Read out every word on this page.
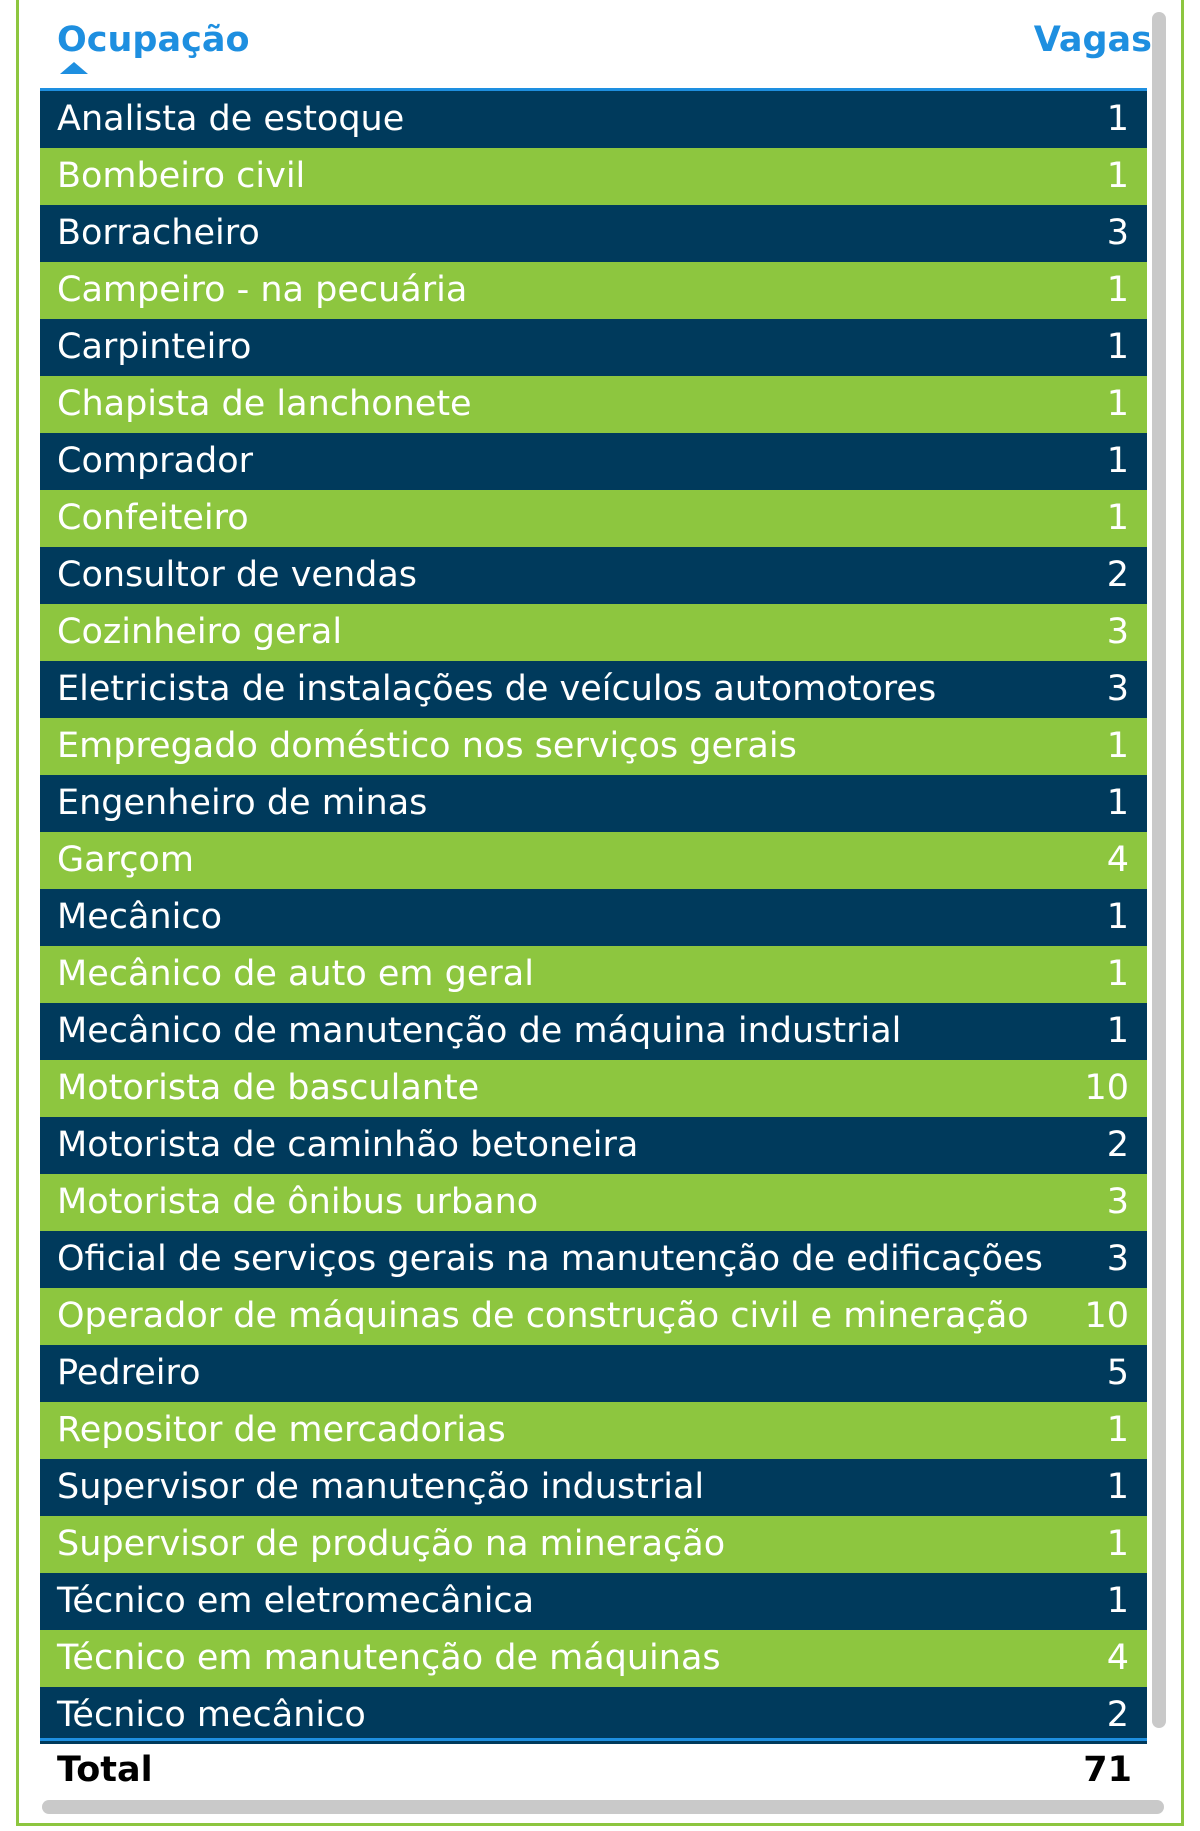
Ocupação	Vagas
Analista de estoque	1
Bombeiro civil	1
Borracheiro	3
Campeiro - na pecuária	1
Carpinteiro	1
Chapista de lanchonete	1
Comprador	1
Confeiteiro	1
Consultor de vendas	2
Cozinheiro geral	3
Eletricista de instalações de veículos automotores	3
Empregado doméstico nos serviços gerais	1
Engenheiro de minas	1
Garçom	4
Mecânico	1
Mecânico de auto em geral	1
Mecânico de manutenção de máquina industrial	1
Motorista de basculante	10
Motorista de caminhão betoneira	2
Motorista de ônibus urbano	3
Oficial de serviços gerais na manutenção de edificações 3
Operador de máquinas de construção civil e mineração 10
Pedreiro	5
Repositor de mercadorias	1
Supervisor de manutenção industrial	1
Supervisor de produção na mineração	1
Técnico em eletromecânica	1
Técnico em manutenção de máquinas	4
Técnico mecânico	2
Total	71
